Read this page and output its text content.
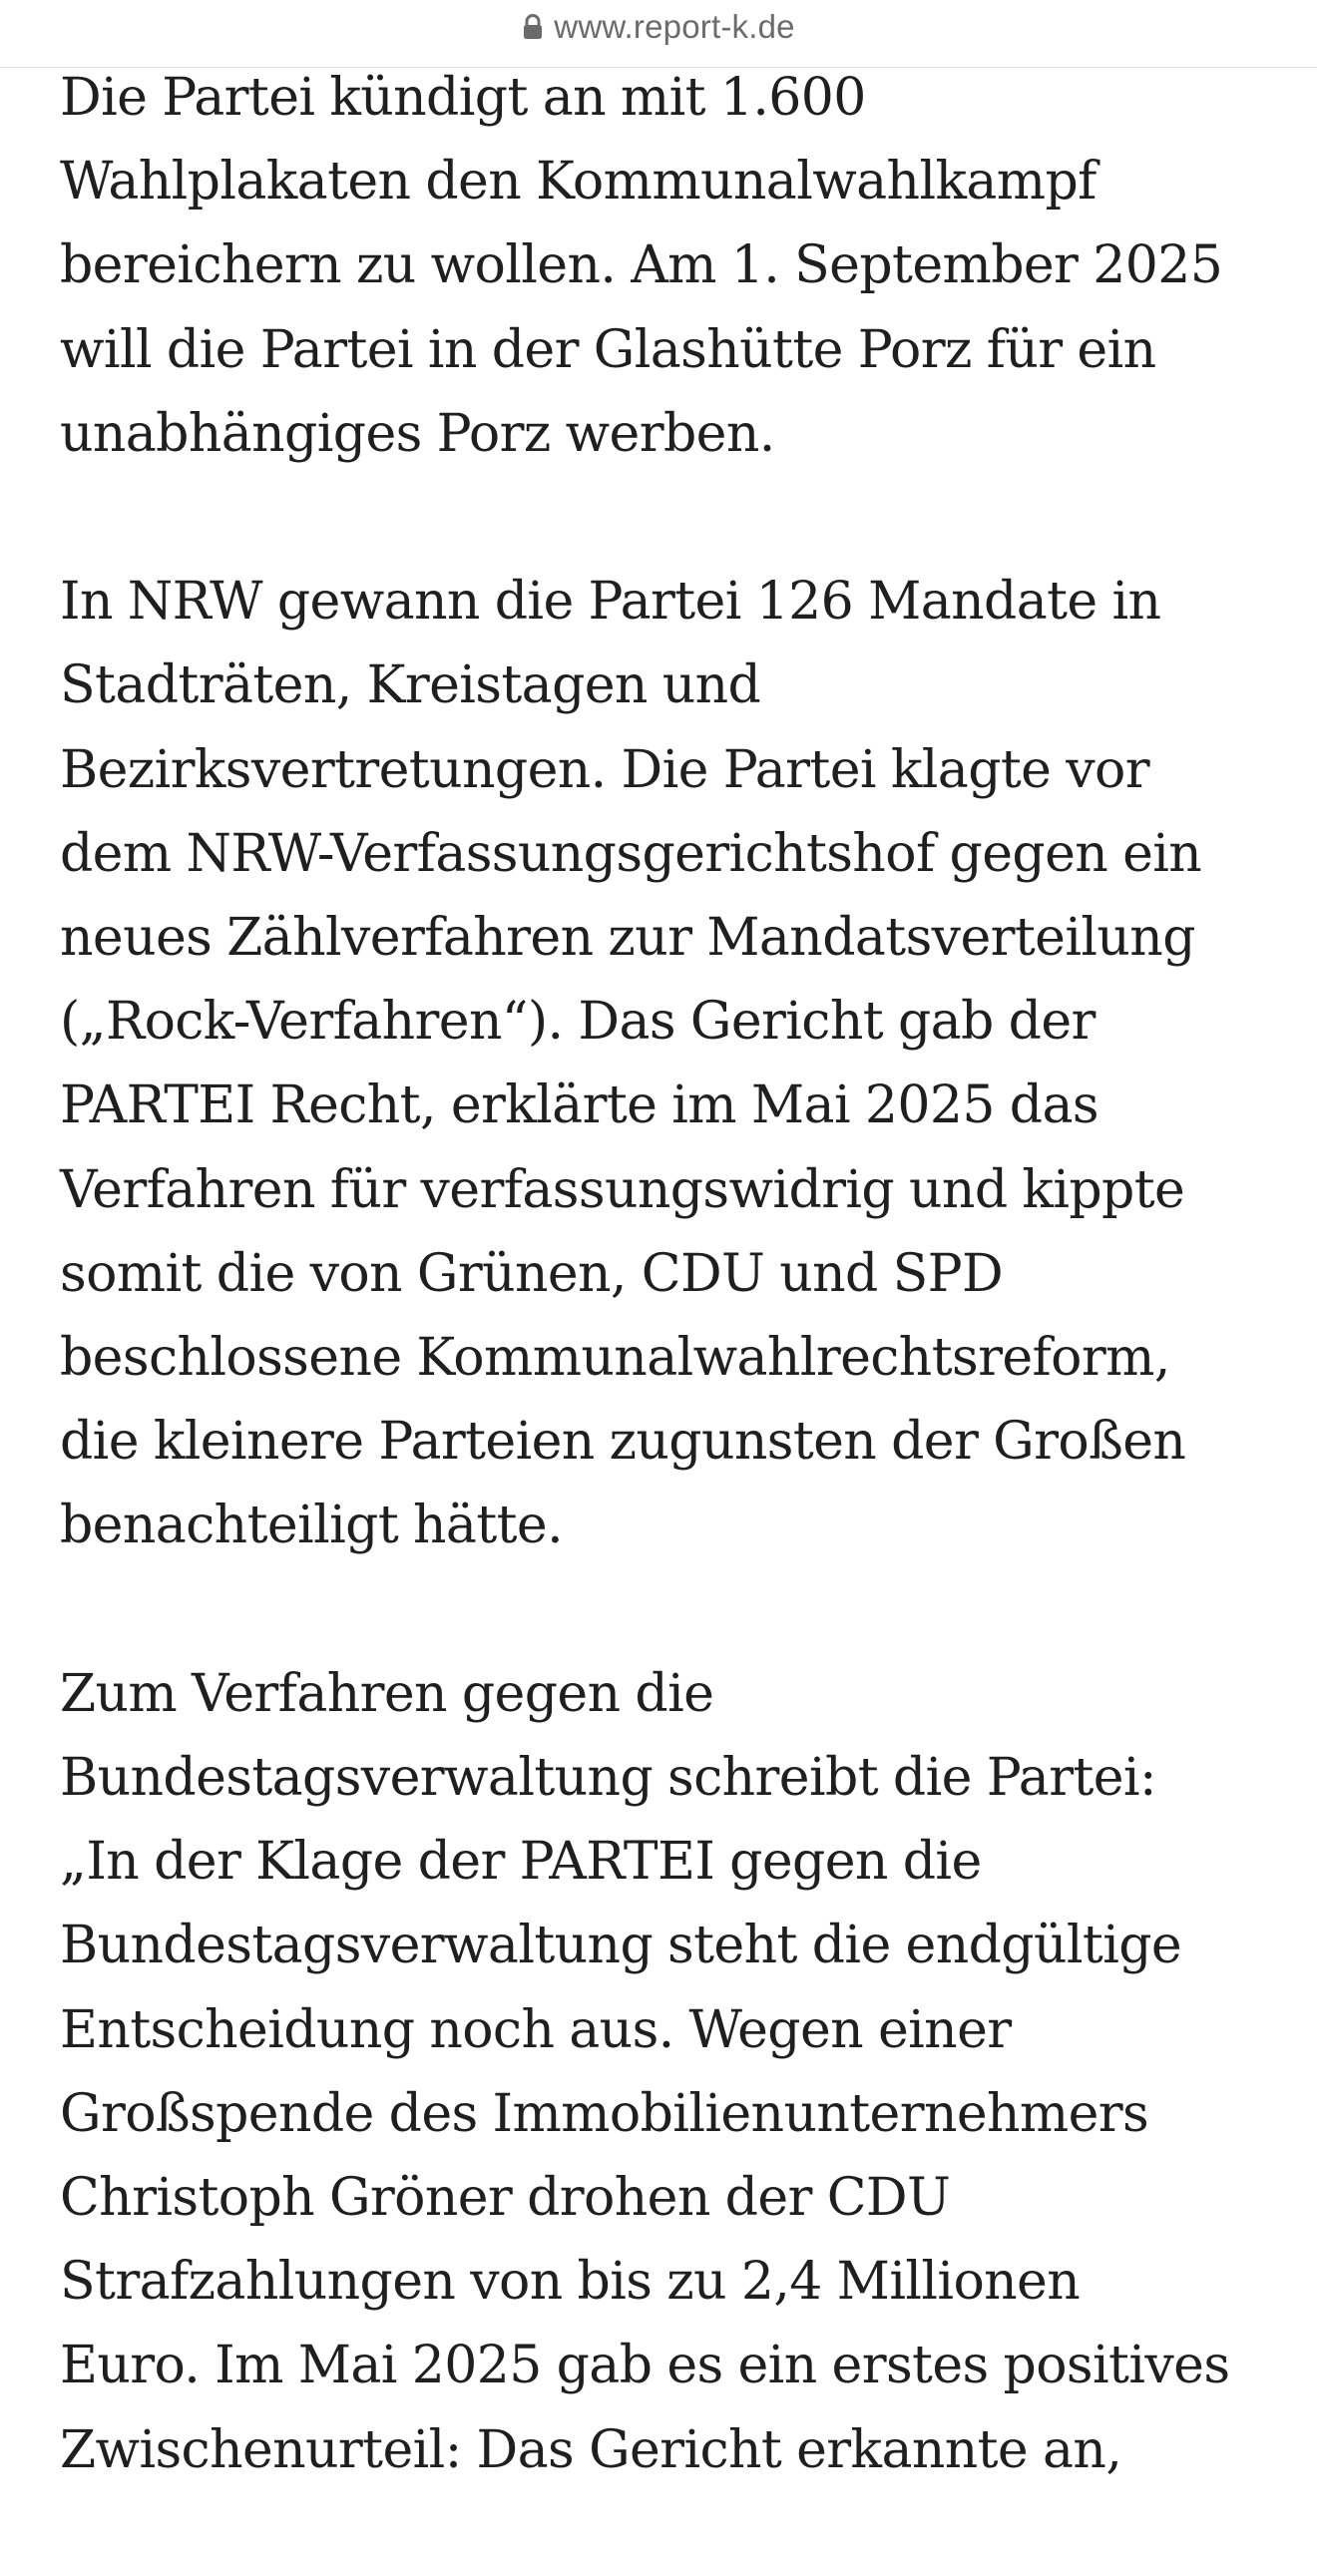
www.report-k.de

Die Partei kündigt an mit 1.600
Wahlplakaten den Kommunalwahlkampf
bereichern zu wollen. Am 1. September 2025
will die Partei in der Glashütte Porz für ein
unabhängiges Porz werben.

In NRW gewann die Partei 126 Mandate in
Stadträten, Kreistagen und
Bezirksvertretungen. Die Partei klagte vor
dem NRW-Verfassungsgerichtshof gegen ein
neues Zählverfahren zur Mandatsverteilung
(„Rock-Verfahren“). Das Gericht gab der
PARTEI Recht, erklärte im Mai 2025 das
Verfahren für verfassungswidrig und kippte
somit die von Grünen, CDU und SPD
beschlossene Kommunalwahlrechtsreform,
die kleinere Parteien zugunsten der Großen
benachteiligt hätte.

Zum Verfahren gegen die
Bundestagsverwaltung schreibt die Partei:
„In der Klage der PARTEI gegen die
Bundestagsverwaltung steht die endgültige
Entscheidung noch aus. Wegen einer
Großspende des Immobilienunternehmers
Christoph Gröner drohen der CDU
Strafzahlungen von bis zu 2,4 Millionen
Euro. Im Mai 2025 gab es ein erstes positives
Zwischenurteil: Das Gericht erkannte an,
